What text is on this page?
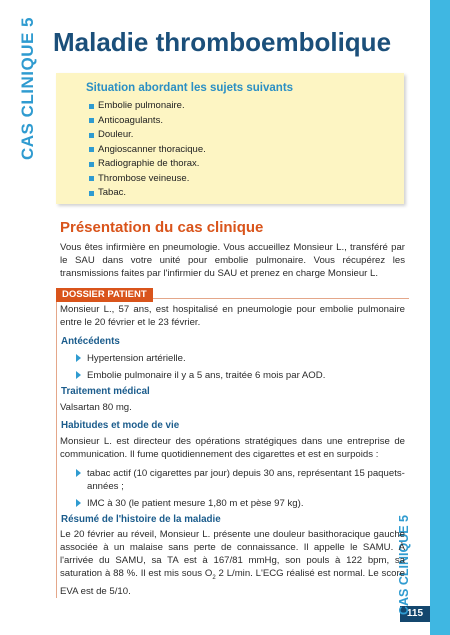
115
CAS CLINIQUE 5
CAS CLINIQUE 5
Maladie thromboembolique
Situation abordant les sujets suivants
Embolie pulmonaire.
Anticoagulants.
Douleur.
Angioscanner thoracique.
Radiographie de thorax.
Thrombose veineuse.
Tabac.
Présentation du cas clinique

Vous êtes infirmière en pneumologie. Vous accueillez Monsieur L., transféré par le SAU dans votre unité pour embolie pulmonaire. Vous récupérez les transmissions faites par l'infirmier du SAU et prenez en charge Monsieur L.

DOSSIER PATIENT

Monsieur L., 57 ans, est hospitalisé en pneumologie pour embolie pulmonaire entre le 20 février et le 23 février.

Antécédents
Hypertension artérielle.
Embolie pulmonaire il y a 5 ans, traitée 6 mois par AOD.
Traitement médical

Valsartan 80 mg.

Habitudes et mode de vie

Monsieur L. est directeur des opérations stratégiques dans une entreprise de communication. Il fume quotidiennement des cigarettes et est en surpoids :

tabac actif (10 cigarettes par jour) depuis 30 ans, représentant 15 paquets-années ;
IMC à 30 (le patient mesure 1,80 m et pèse 97 kg).
Résumé de l'histoire de la maladie

Le 20 février au réveil, Monsieur L. présente une douleur basithoracique gauche associée à un malaise sans perte de connaissance. Il appelle le SAMU. À l'arrivée du SAMU, sa TA est à 167/81 mmHg, son pouls à 122 bpm, sa saturation à 88 %. Il est mis sous $O_2$ 2 L/min. L'ECG réalisé est normal. Le score EVA est de 5/10.
